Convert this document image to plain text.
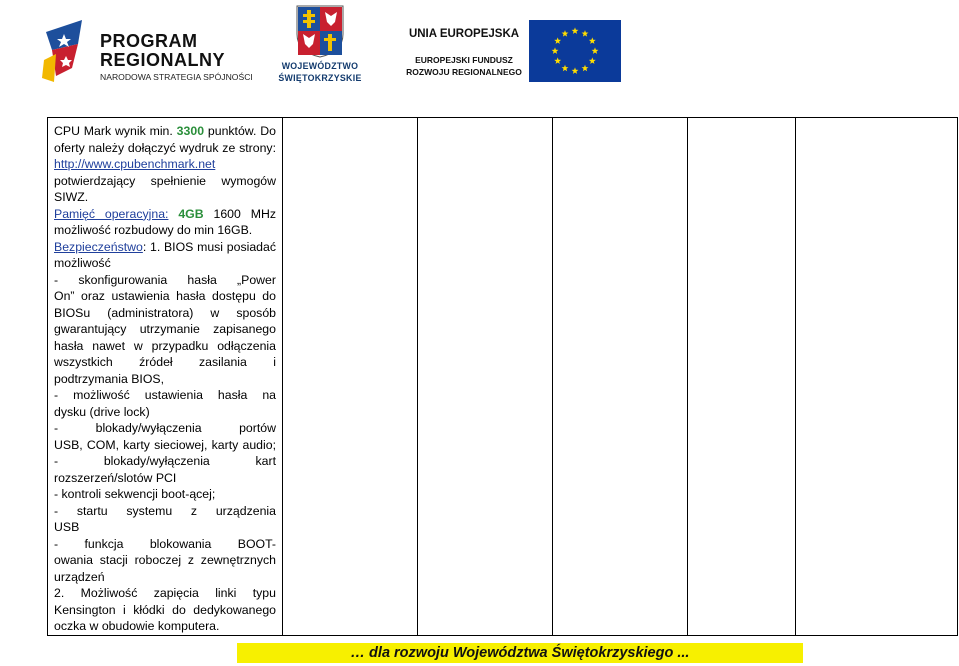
PROGRAM
REGIONALNY
NARODOWA STRATEGIA SPÓJNOŚCI
WOJEWÓDZTWO
ŚWIĘTOKRZYSKIE
UNIA EUROPEJSKA
EUROPEJSKI FUNDUSZ
ROZWOJU REGIONALNEGO
CPU Mark wynik min. 3300 punktów. Do
oferty należy dołączyć wydruk ze strony:
http://www.cpubenchmark.net
potwierdzający spełnienie wymogów
SIWZ.
Pamięć operacyjna: 4GB 1600 MHz
możliwość rozbudowy do min 16GB.
Bezpieczeństwo: 1. BIOS musi posiadać
możliwość
- skonfigurowania hasła „Power
On” oraz ustawienia hasła dostępu do
BIOSu (administratora) w sposób
gwarantujący utrzymanie zapisanego
hasła nawet w przypadku odłączenia
wszystkich źródeł zasilania i
podtrzymania BIOS,
- możliwość ustawienia hasła na
dysku (drive lock)
- blokady/wyłączenia portów
USB, COM, karty sieciowej, karty audio;
- blokady/wyłączenia kart
rozszerzeń/slotów PCI
- kontroli sekwencji boot-ącej;
- startu systemu z urządzenia
USB
- funkcja blokowania BOOT-
owania stacji roboczej z zewnętrznych
urządzeń
2. Możliwość zapięcia linki typu
Kensington i kłódki do dedykowanego
oczka w obudowie komputera.

… dla rozwoju Województwa Świętokrzyskiego ...
